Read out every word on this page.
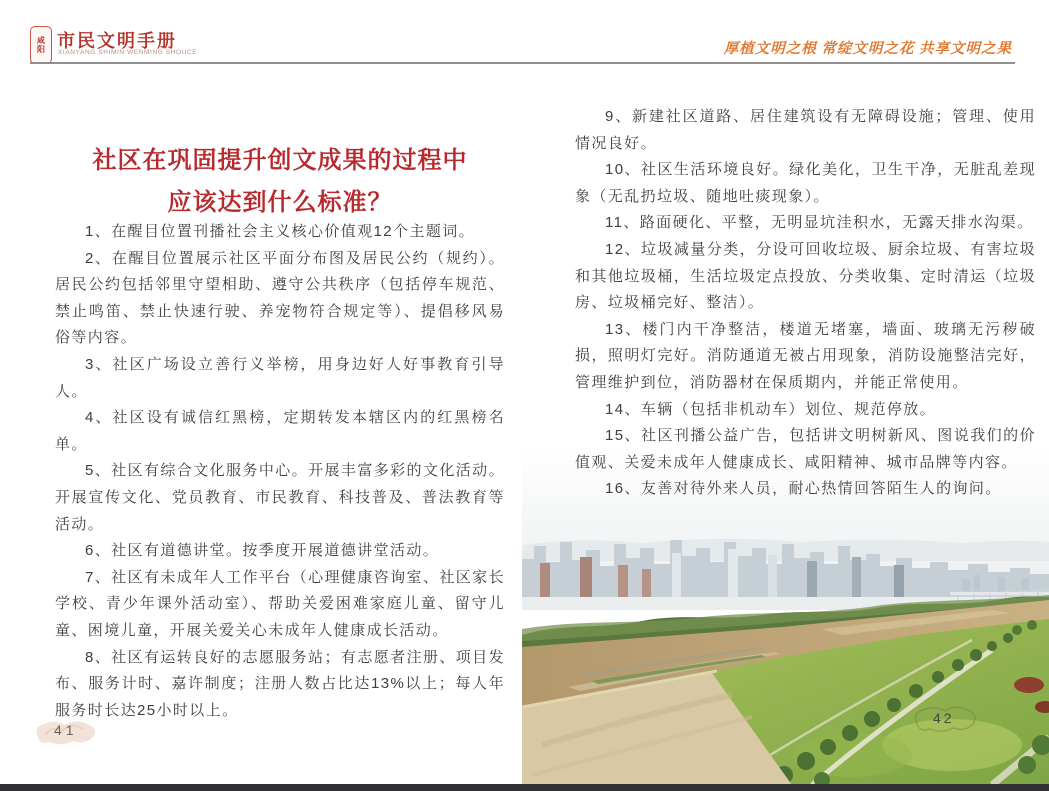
咸
阳 市民文明手册
XIANYANG SHIMIN WENMING SHOUCE	厚植文明之根 常绽文明之花 共享文明之果
社区在巩固提升创文成果的过程中
应该达到什么标准？

1、在醒目位置刊播社会主义核心价值观12个主题词。

2、在醒目位置展示社区平面分布图及居民公约（规约）。居民公约包括邻里守望相助、遵守公共秩序（包括停车规范、禁止鸣笛、禁止快速行驶、养宠物符合规定等）、提倡移风易俗等内容。

3、社区广场设立善行义举榜，用身边好人好事教育引导人。

4、社区设有诚信红黑榜，定期转发本辖区内的红黑榜名单。

5、社区有综合文化服务中心。开展丰富多彩的文化活动。开展宣传文化、党员教育、市民教育、科技普及、普法教育等活动。

6、社区有道德讲堂。按季度开展道德讲堂活动。

7、社区有未成年人工作平台（心理健康咨询室、社区家长学校、青少年课外活动室）、帮助关爱困难家庭儿童、留守儿童、困境儿童，开展关爱关心未成年人健康成长活动。

8、社区有运转良好的志愿服务站；有志愿者注册、项目发布、服务计时、嘉许制度；注册人数占比达13%以上；每人年服务时长达25小时以上。

41

9、新建社区道路、居住建筑设有无障碍设施；管理、使用情况良好。

10、社区生活环境良好。绿化美化，卫生干净，无脏乱差现象（无乱扔垃圾、随地吐痰现象）。

11、路面硬化、平整，无明显坑洼积水，无露天排水沟渠。

12、垃圾减量分类，分设可回收垃圾、厨余垃圾、有害垃圾和其他垃圾桶，生活垃圾定点投放、分类收集、定时清运（垃圾房、垃圾桶完好、整洁）。

13、楼门内干净整洁，楼道无堵塞，墙面、玻璃无污秽破损，照明灯完好。消防通道无被占用现象，消防设施整洁完好，管理维护到位，消防器材在保质期内，并能正常使用。

14、车辆（包括非机动车）划位、规范停放。

15、社区刊播公益广告，包括讲文明树新风、图说我们的价值观、关爱未成年人健康成长、咸阳精神、城市品牌等内容。

16、友善对待外来人员，耐心热情回答陌生人的询问。

42
